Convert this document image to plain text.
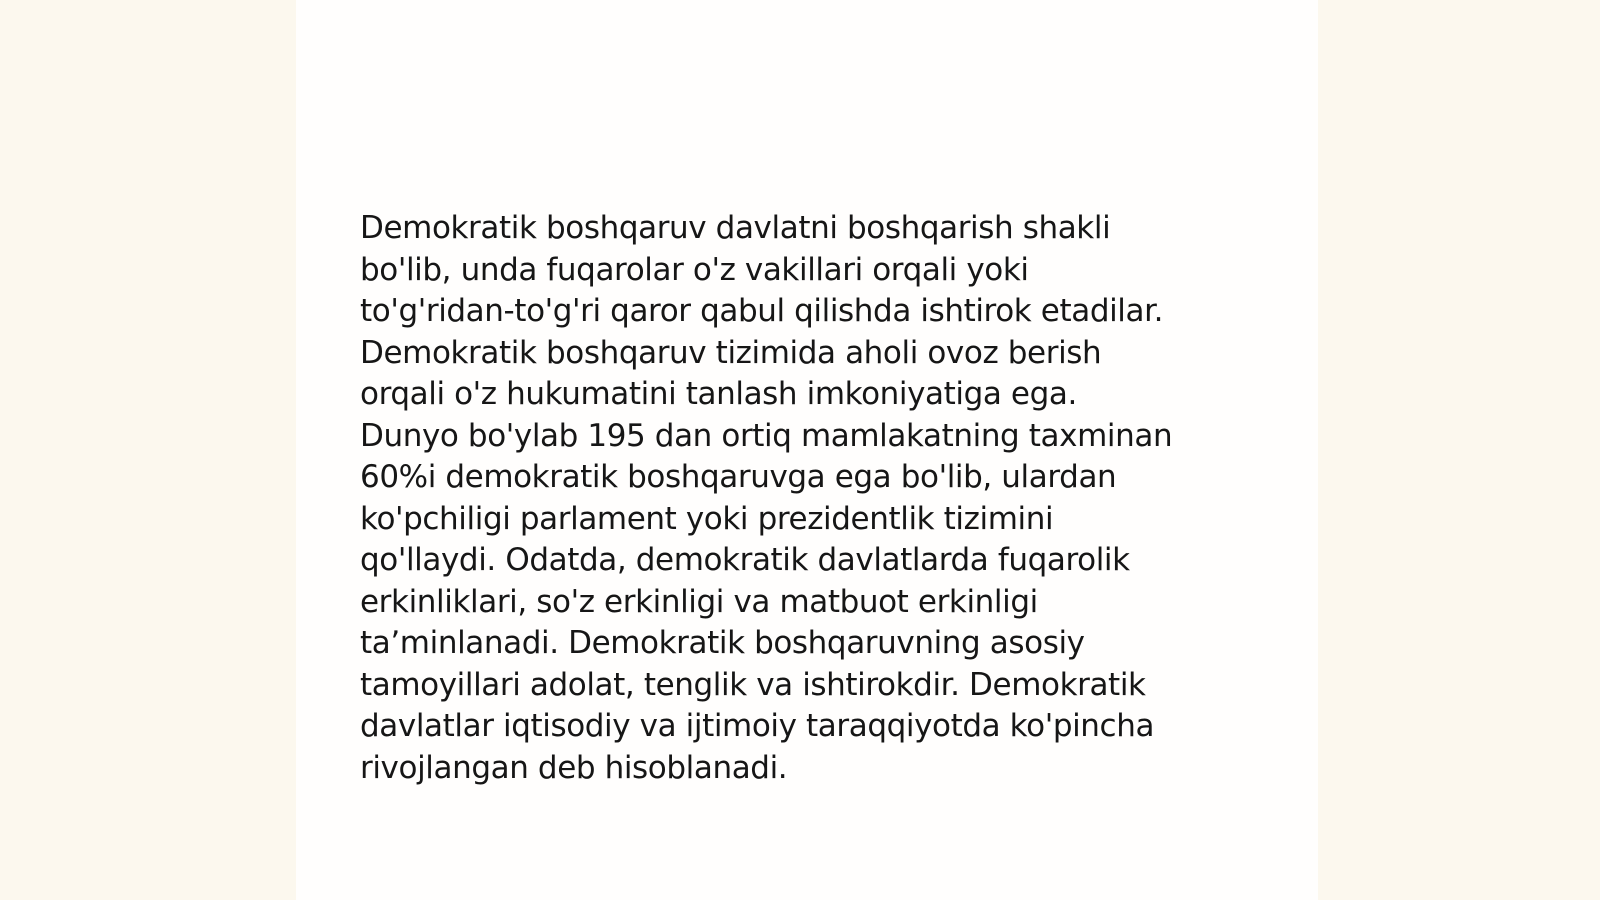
Demokratik boshqaruv davlatni boshqarish shakli
bo'lib, unda fuqarolar o'z vakillari orqali yoki
to'g'ridan-to'g'ri qaror qabul qilishda ishtirok etadilar.
Demokratik boshqaruv tizimida aholi ovoz berish
orqali o'z hukumatini tanlash imkoniyatiga ega.
Dunyo bo'ylab 195 dan ortiq mamlakatning taxminan
60%i demokratik boshqaruvga ega bo'lib, ulardan
ko'pchiligi parlament yoki prezidentlik tizimini
qo'llaydi. Odatda, demokratik davlatlarda fuqarolik
erkinliklari, so'z erkinligi va matbuot erkinligi
ta’minlanadi. Demokratik boshqaruvning asosiy
tamoyillari adolat, tenglik va ishtirokdir. Demokratik
davlatlar iqtisodiy va ijtimoiy taraqqiyotda ko'pincha
rivojlangan deb hisoblanadi.
